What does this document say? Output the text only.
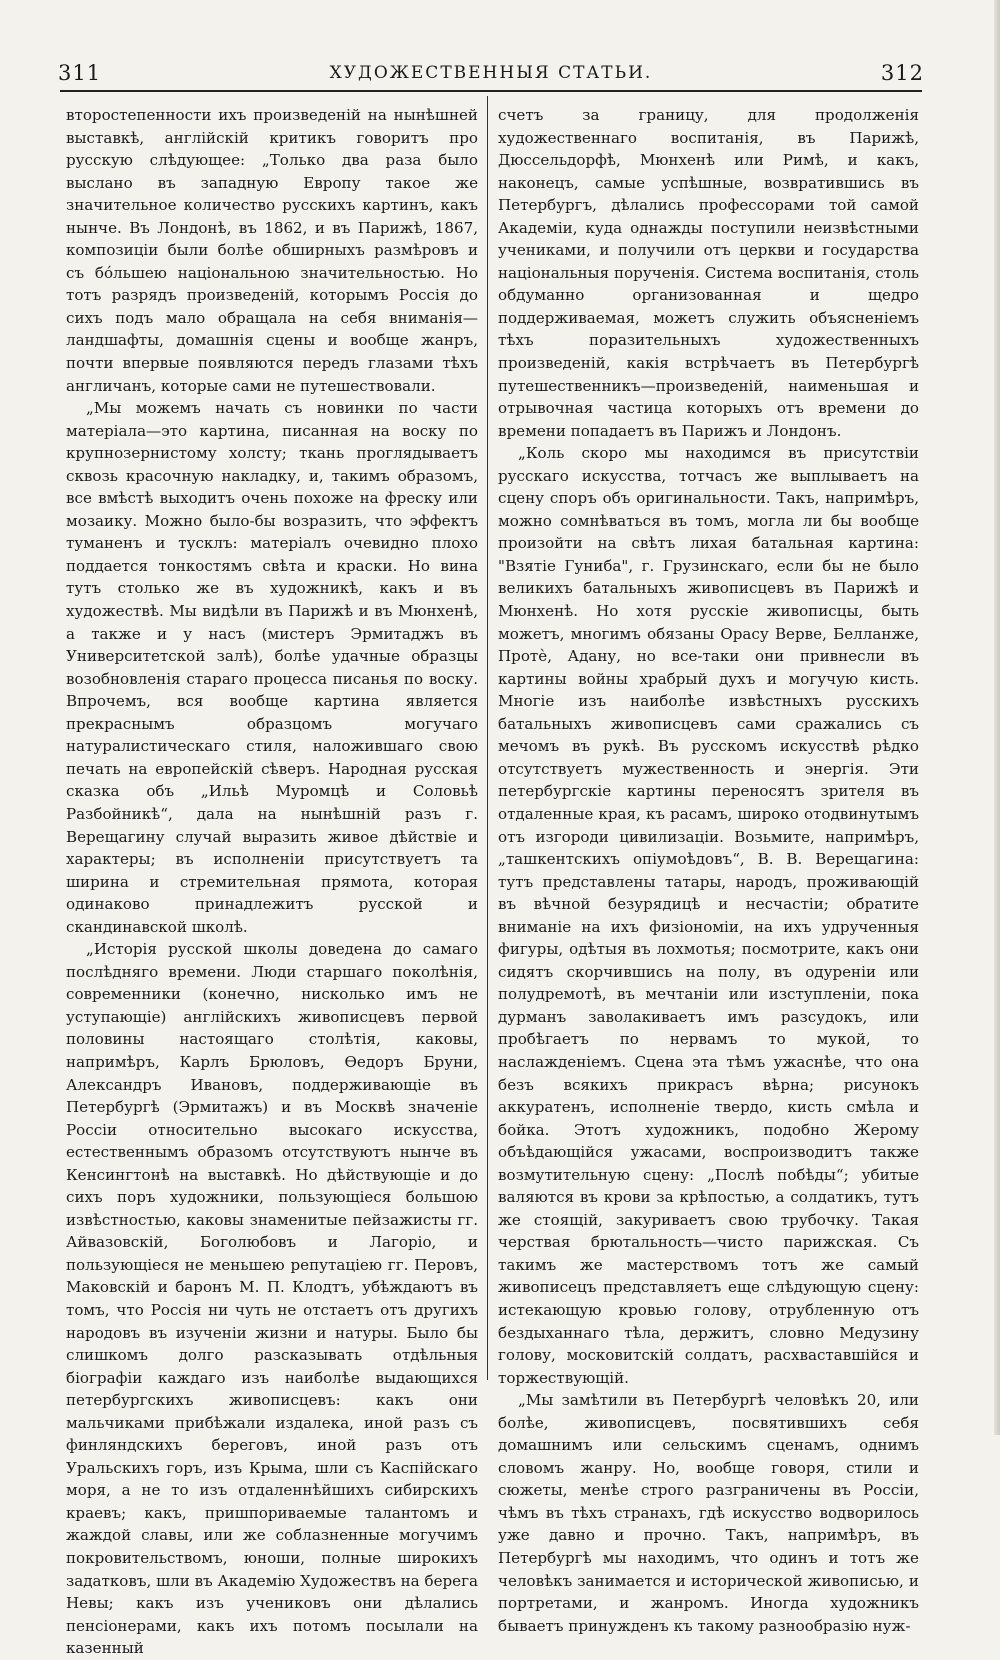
311	ХУДОЖЕСТВЕННЫЯ СТАТЬИ.	312

второстепенности ихъ произведеній на нынѣшней выставкѣ, англійскій критикъ говоритъ про русскую слѣдующее: „Только два раза было выслано въ западную Европу такое же значительное количество русскихъ картинъ, какъ нынче. Въ Лондонѣ, въ 1862, и въ Парижѣ, 1867, композиціи были болѣе обширныхъ размѣровъ и съ бо́льшею національною значительностью. Но тотъ разрядъ произведеній, которымъ Россія до сихъ подъ мало обращала на себя вниманія—ландшафты, домашнія сцены и вообще жанръ, почти впервые появляются передъ глазами тѣхъ англичанъ, которые сами не путешествовали.

„Мы можемъ начать съ новинки по части матеріала—это картина, писанная на воску по крупнозернистому холсту; ткань проглядываетъ сквозь красочную накладку, и, такимъ образомъ, все вмѣстѣ выходитъ очень похоже на фреску или мозаику. Можно было-бы возразить, что эффектъ туманенъ и тусклъ: матеріалъ очевидно плохо поддается тонкостямъ свѣта и краски. Но вина тутъ столько же въ художникѣ, какъ и въ художествѣ. Мы видѣли въ Парижѣ и въ Мюнхенѣ, а также и у насъ (мистеръ Эрмитаджъ въ Университетской залѣ), болѣе удачные образцы возобновленія стараго процесса писанья по воску. Впрочемъ, вся вообще картина является прекраснымъ образцомъ могучаго натуралистическаго стиля, наложившаго свою печать на европейскій сѣверъ. Народная русская сказка объ „Ильѣ Муромцѣ и Соловьѣ Разбойникѣ“, дала на нынѣшній разъ г. Верещагину случай выразить живое дѣйствіе и характеры; въ исполненіи присутствуетъ та ширина и стремительная прямота, которая одинаково принадлежитъ русской и скандинавской школѣ.

„Исторія русской школы доведена до самаго послѣдняго времени. Люди старшаго поколѣнія, современники (конечно, нисколько имъ не уступающіе) англійскихъ живописцевъ первой половины настоящаго столѣтія, каковы, напримѣръ, Карлъ Брюловъ, Ѳедоръ Бруни, Александръ Ивановъ, поддерживающіе въ Петербургѣ (Эрмитажъ) и въ Москвѣ значеніе Россіи относительно высокаго искусства, естественнымъ образомъ отсутствуютъ нынче въ Кенсингтонѣ на выставкѣ. Но дѣйствующіе и до сихъ поръ художники, пользующіеся большою извѣстностью, каковы знаменитые пейзажисты гг. Айвазовскій, Боголюбовъ и Лагоріо, и пользующіеся не меньшею репутаціею гг. Перовъ, Маковскій и баронъ М. П. Клодтъ, убѣждаютъ въ томъ, что Россія ни чуть не отстаетъ отъ другихъ народовъ въ изученіи жизни и натуры. Было бы слишкомъ долго разсказывать отдѣльныя біографіи каждаго изъ наиболѣе выдающихся петербургскихъ живописцевъ: какъ они мальчиками прибѣжали издалека, иной разъ съ финляндскихъ береговъ, иной разъ отъ Уральскихъ горъ, изъ Крыма, шли съ Каспійскаго моря, а не то изъ отдаленнѣйшихъ сибирскихъ краевъ; какъ, пришпориваемые талантомъ и жаждой славы, или же соблазненные могучимъ покровительствомъ, юноши, полные широкихъ задатковъ, шли въ Академію Художествъ на берега Невы; какъ изъ учениковъ они дѣлались пенсіонерами, какъ ихъ потомъ посылали на казенный

счетъ за границу, для продолженія художественнаго воспитанія, въ Парижѣ, Дюссельдорфѣ, Мюнхенѣ или Римѣ, и какъ, наконецъ, самые успѣшные, возвратившись въ Петербургъ, дѣлались профессорами той самой Академіи, куда однажды поступили неизвѣстными учениками, и получили отъ церкви и государства національныя порученія. Система воспитанія, столь обдуманно организованная и щедро поддерживаемая, можетъ служить объясненіемъ тѣхъ поразительныхъ художественныхъ произведеній, какія встрѣчаетъ въ Петербургѣ путешественникъ—произведеній, наименьшая и отрывочная частица которыхъ отъ времени до времени попадаетъ въ Парижъ и Лондонъ.

„Коль скоро мы находимся въ присутствіи русскаго искусства, тотчасъ же выплываетъ на сцену споръ объ оригинальности. Такъ, напримѣръ, можно сомнѣваться въ томъ, могла ли бы вообще произойти на свѣтъ лихая батальная картина: "Взятіе Гуниба", г. Грузинскаго, если бы не было великихъ батальныхъ живописцевъ въ Парижѣ и Мюнхенѣ. Но хотя русскіе живописцы, быть можетъ, многимъ обязаны Орасу Верве, Белланже, Протѐ, Адану, но все-таки они привнесли въ картины войны храбрый духъ и могучую кисть. Многіе изъ наиболѣе извѣстныхъ русскихъ батальныхъ живописцевъ сами сражались съ мечомъ въ рукѣ. Въ русскомъ искусствѣ рѣдко отсутствуетъ мужественность и энергія. Эти петербургскіе картины переносятъ зрителя въ отдаленные края, къ расамъ, широко отодвинутымъ отъ изгороди цивилизаціи. Возьмите, напримѣръ, „ташкентскихъ опіумоѣдовъ“, В. В. Верещагина: тутъ представлены татары, народъ, проживающій въ вѣчной безурядицѣ и несчастіи; обратите вниманіе на ихъ физіономіи, на ихъ удрученныя фигуры, одѣтыя въ лохмотья; посмотрите, какъ они сидятъ скорчившись на полу, въ одуреніи или полудремотѣ, въ мечтаніи или изступленіи, пока дурманъ заволакиваетъ имъ разсудокъ, или пробѣгаетъ по нервамъ то мукой, то наслажденіемъ. Сцена эта тѣмъ ужаснѣе, что она безъ всякихъ прикрасъ вѣрна; рисунокъ аккуратенъ, исполненіе твердо, кисть смѣла и бойка. Этотъ художникъ, подобно Жерому объѣдающійся ужасами, воспроизводитъ также возмутительную сцену: „Послѣ побѣды“; убитые валяются въ крови за крѣпостью, а солдатикъ, тутъ же стоящій, закуриваетъ свою трубочку. Такая черствая брютальность—чисто парижская. Съ такимъ же мастерствомъ тотъ же самый живописецъ представляетъ еще слѣдующую сцену: истекающую кровью голову, отрубленную отъ бездыханнаго тѣла, держитъ, словно Медузину голову, московитскій солдатъ, расхвастaвшійся и торжествующій.

„Мы замѣтили въ Петербургѣ человѣкъ 20, или болѣе, живописцевъ, посвятившихъ себя домашнимъ или сельскимъ сценамъ, однимъ словомъ жанру. Но, вообще говоря, стили и сюжеты, менѣе строго разграничены въ Россіи, чѣмъ въ тѣхъ странахъ, гдѣ искусство водворилось уже давно и прочно. Такъ, напримѣръ, въ Петербургѣ мы находимъ, что одинъ и тотъ же человѣкъ занимается и исторической живописью, и портретами, и жанромъ. Иногда художникъ бываетъ принужденъ къ такому разнообразію нуж-
